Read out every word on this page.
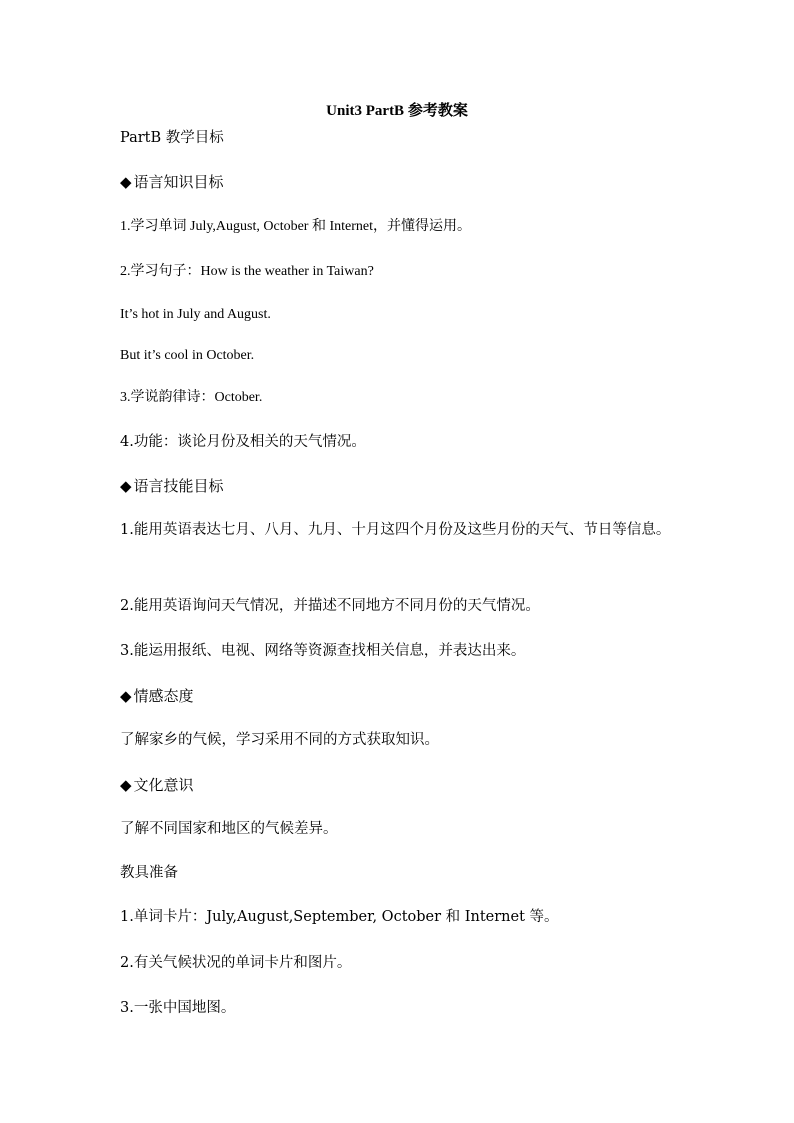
Unit3 PartB 参考教案
PartB 教学目标
◆ 语言知识目标
1.学习单词 July,August, October 和 Internet，并懂得运用。
2.学习句子：How is the weather in Taiwan?
It’s hot in July and August.
But it’s cool in October.
3.学说韵律诗：October.
4.功能：谈论月份及相关的天气情况。
◆ 语言技能目标
1.能用英语表达七月、八月、九月、十月这四个月份及这些月份的天气、节日等信息。
2.能用英语询问天气情况，并描述不同地方不同月份的天气情况。
3.能运用报纸、电视、网络等资源查找相关信息，并表达出来。
◆ 情感态度
了解家乡的气候，学习采用不同的方式获取知识。
◆ 文化意识
了解不同国家和地区的气候差异。
教具准备
1.单词卡片：July,August,September, October 和 Internet 等。
2.有关气候状况的单词卡片和图片。
3.一张中国地图。
